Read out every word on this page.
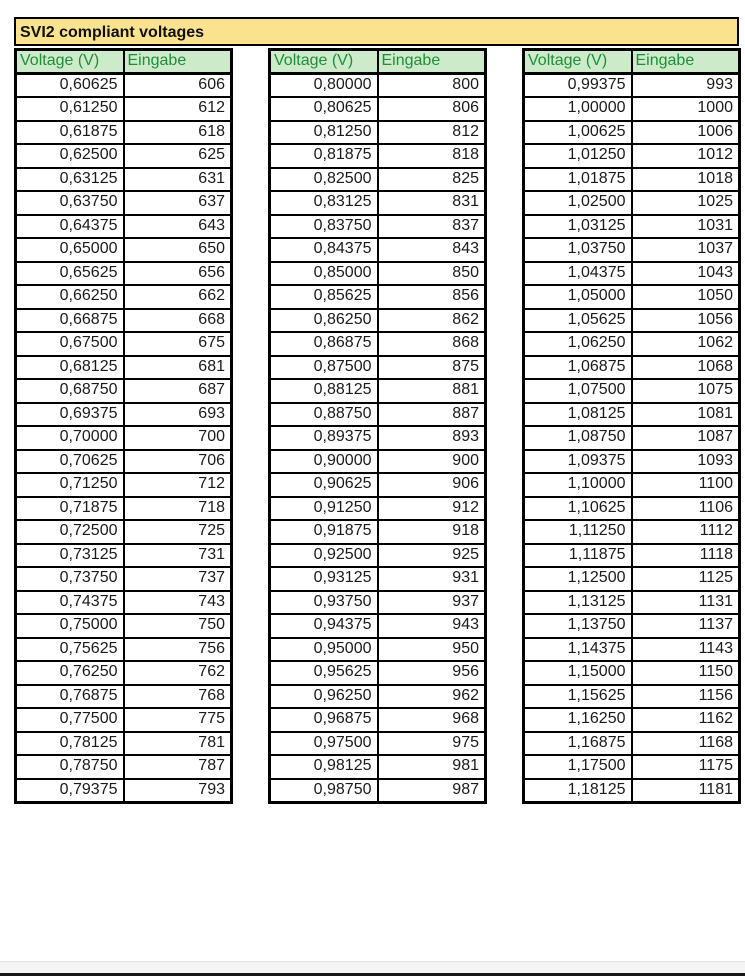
SVI2 compliant voltages
Voltage (V)	Eingabe
0,60625	606
0,61250	612
0,61875	618
0,62500	625
0,63125	631
0,63750	637
0,64375	643
0,65000	650
0,65625	656
0,66250	662
0,66875	668
0,67500	675
0,68125	681
0,68750	687
0,69375	693
0,70000	700
0,70625	706
0,71250	712
0,71875	718
0,72500	725
0,73125	731
0,73750	737
0,74375	743
0,75000	750
0,75625	756
0,76250	762
0,76875	768
0,77500	775
0,78125	781
0,78750	787
0,79375	793
Voltage (V)	Eingabe
0,80000	800
0,80625	806
0,81250	812
0,81875	818
0,82500	825
0,83125	831
0,83750	837
0,84375	843
0,85000	850
0,85625	856
0,86250	862
0,86875	868
0,87500	875
0,88125	881
0,88750	887
0,89375	893
0,90000	900
0,90625	906
0,91250	912
0,91875	918
0,92500	925
0,93125	931
0,93750	937
0,94375	943
0,95000	950
0,95625	956
0,96250	962
0,96875	968
0,97500	975
0,98125	981
0,98750	987
Voltage (V)	Eingabe
0,99375	993
1,00000	1000
1,00625	1006
1,01250	1012
1,01875	1018
1,02500	1025
1,03125	1031
1,03750	1037
1,04375	1043
1,05000	1050
1,05625	1056
1,06250	1062
1,06875	1068
1,07500	1075
1,08125	1081
1,08750	1087
1,09375	1093
1,10000	1100
1,10625	1106
1,11250	1112
1,11875	1118
1,12500	1125
1,13125	1131
1,13750	1137
1,14375	1143
1,15000	1150
1,15625	1156
1,16250	1162
1,16875	1168
1,17500	1175
1,18125	1181
